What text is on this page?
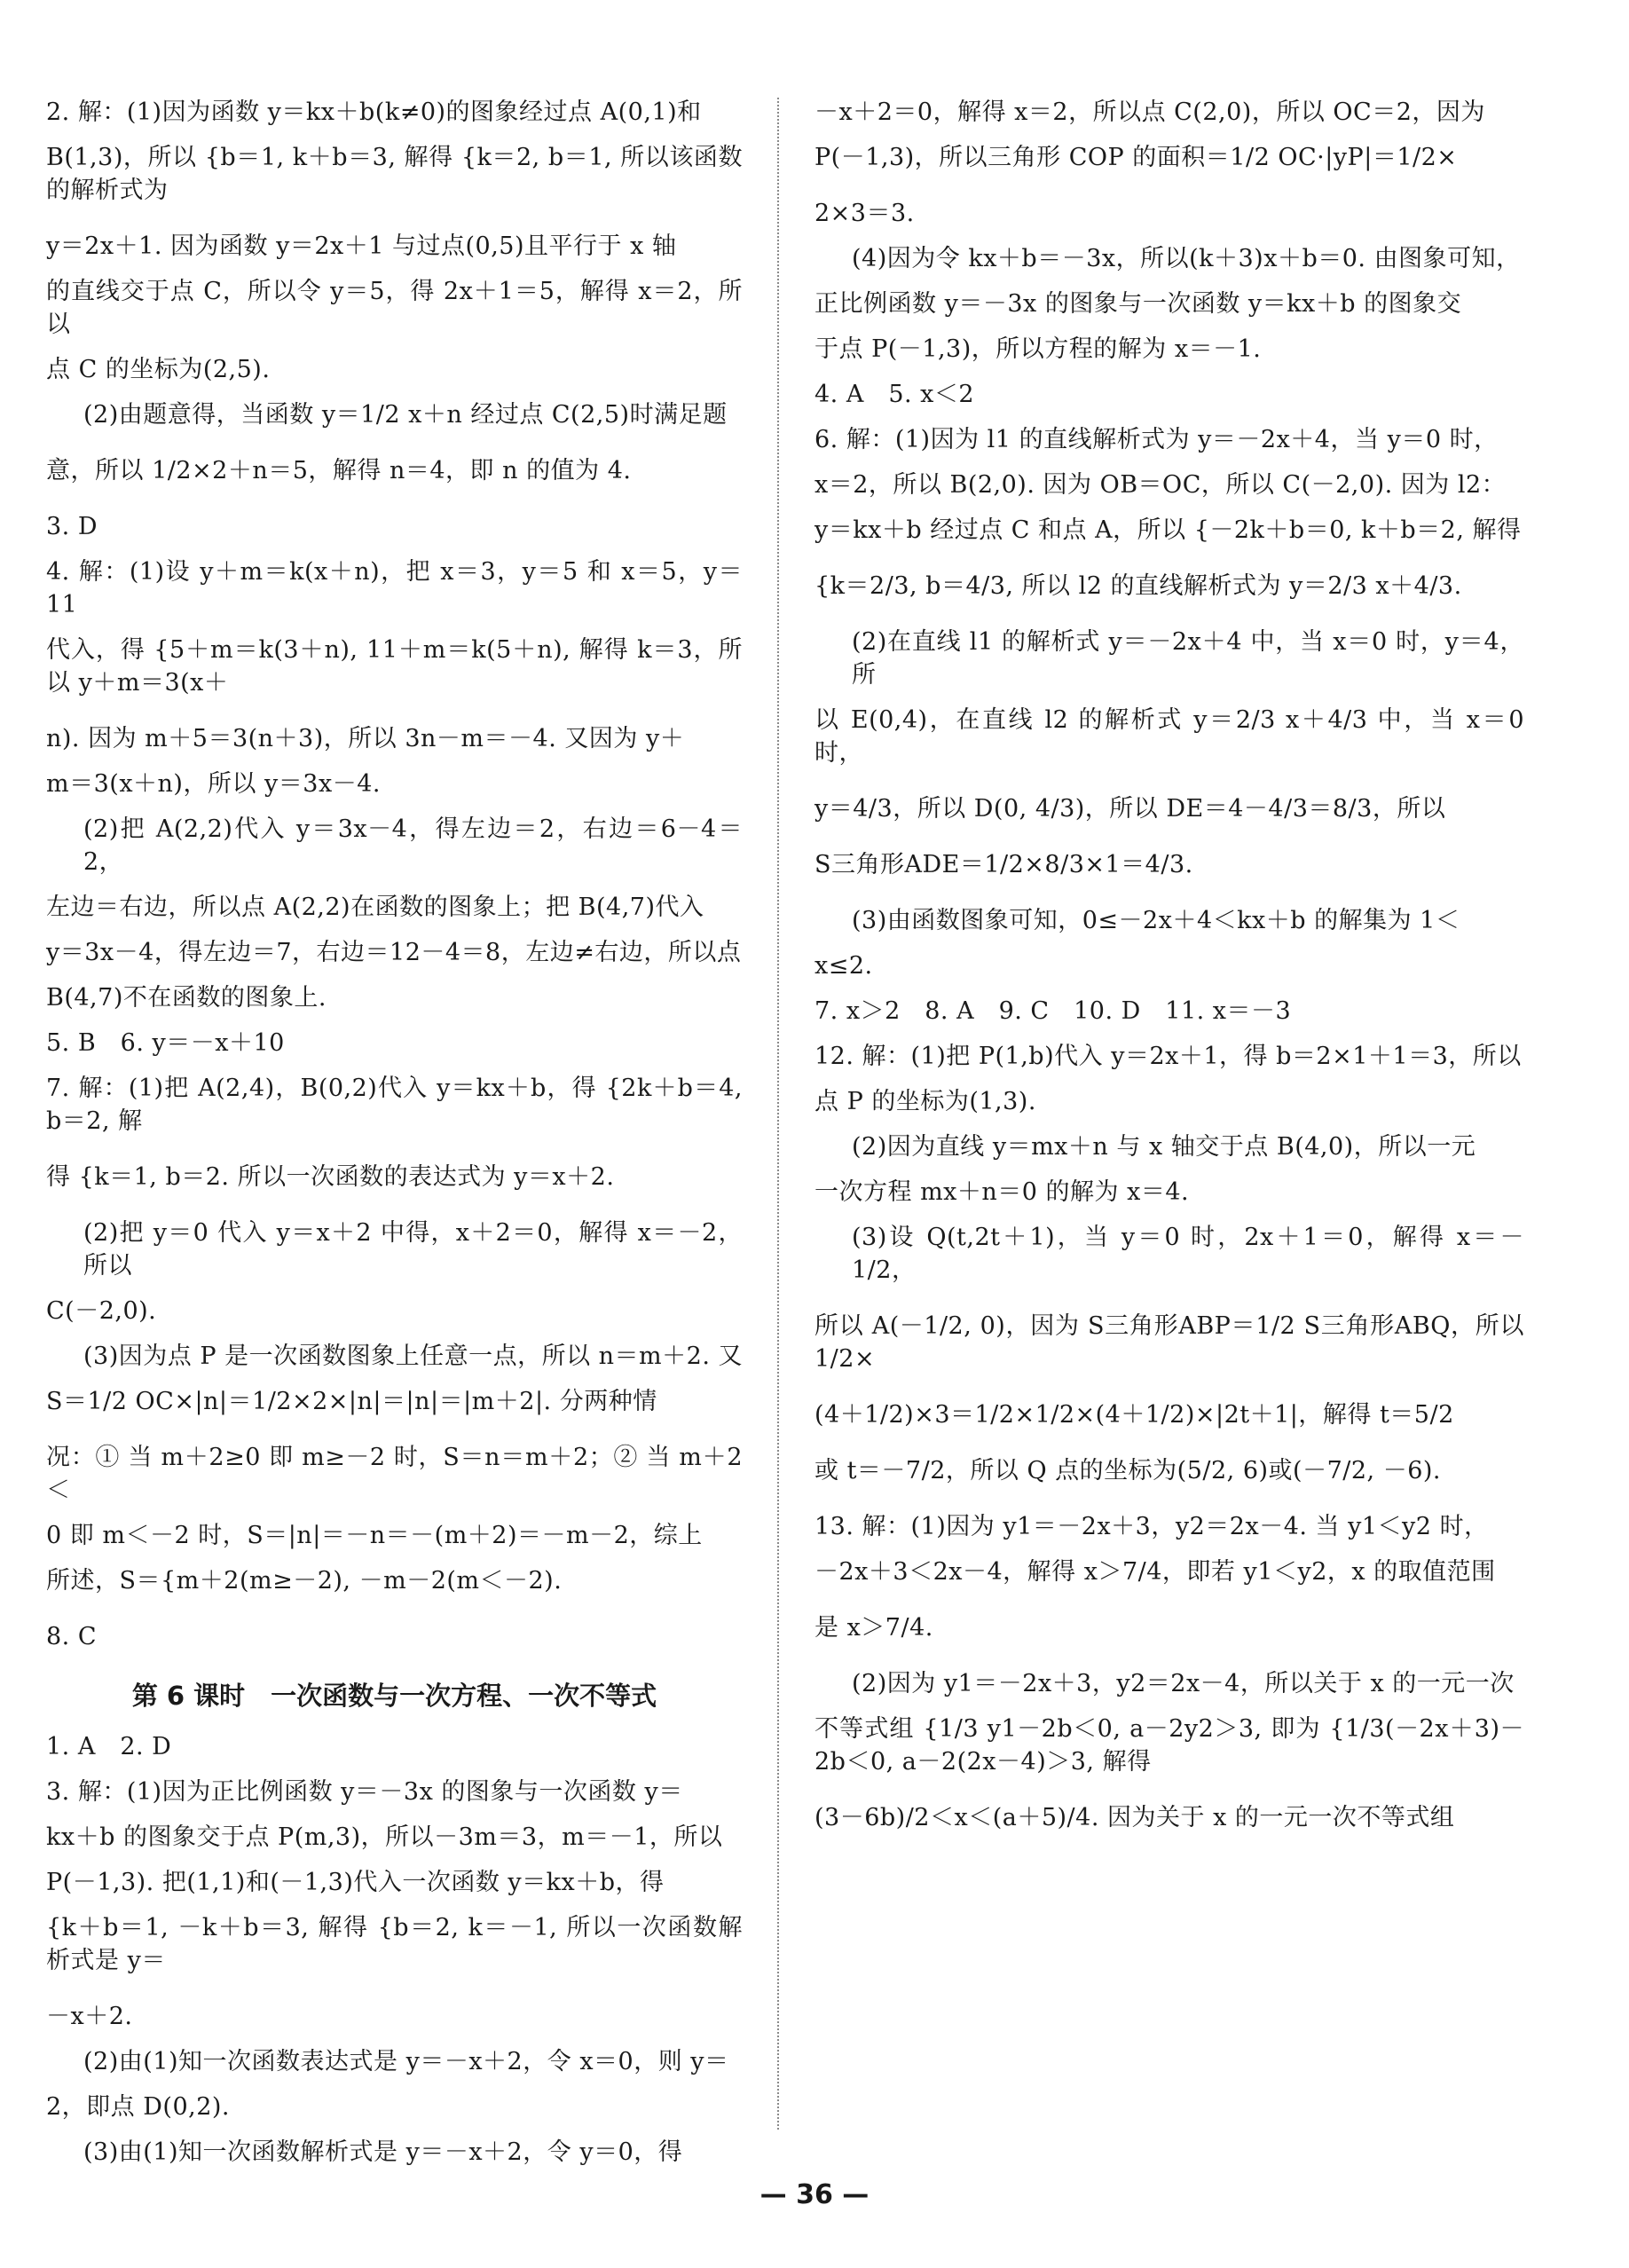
2. 解：(1)因为函数 y＝kx＋b(k≠0)的图象经过点 A(0,1)和

B(1,3)，所以 {b＝1, k＋b＝3, 解得 {k＝2, b＝1, 所以该函数的解析式为

y＝2x＋1. 因为函数 y＝2x＋1 与过点(0,5)且平行于 x 轴

的直线交于点 C，所以令 y＝5，得 2x＋1＝5，解得 x＝2，所以

点 C 的坐标为(2,5).

(2)由题意得，当函数 y＝1/2 x＋n 经过点 C(2,5)时满足题

意，所以 1/2×2＋n＝5，解得 n＝4，即 n 的值为 4.

3. D

4. 解：(1)设 y＋m＝k(x＋n)，把 x＝3，y＝5 和 x＝5，y＝11

代入，得 {5＋m＝k(3＋n), 11＋m＝k(5＋n), 解得 k＝3，所以 y＋m＝3(x＋

n). 因为 m＋5＝3(n＋3)，所以 3n－m＝－4. 又因为 y＋

m＝3(x＋n)，所以 y＝3x－4.

(2)把 A(2,2)代入 y＝3x－4，得左边＝2，右边＝6－4＝2，

左边＝右边，所以点 A(2,2)在函数的图象上；把 B(4,7)代入

y＝3x－4，得左边＝7，右边＝12－4＝8，左边≠右边，所以点

B(4,7)不在函数的图象上.

5. B　6. y＝－x＋10

7. 解：(1)把 A(2,4)，B(0,2)代入 y＝kx＋b，得 {2k＋b＝4, b＝2, 解

得 {k＝1, b＝2. 所以一次函数的表达式为 y＝x＋2.

(2)把 y＝0 代入 y＝x＋2 中得，x＋2＝0，解得 x＝－2，所以

C(－2,0).

(3)因为点 P 是一次函数图象上任意一点，所以 n＝m＋2. 又

S＝1/2 OC×|n|＝1/2×2×|n|＝|n|＝|m＋2|. 分两种情

况：① 当 m＋2≥0 即 m≥－2 时，S＝n＝m＋2；② 当 m＋2＜

0 即 m＜－2 时，S＝|n|＝－n＝－(m＋2)＝－m－2，综上

所述，S＝{m＋2(m≥－2), －m－2(m＜－2).

8. C

第 6 课时　一次函数与一次方程、一次不等式

1. A　2. D

3. 解：(1)因为正比例函数 y＝－3x 的图象与一次函数 y＝

kx＋b 的图象交于点 P(m,3)，所以－3m＝3，m＝－1，所以

P(－1,3). 把(1,1)和(－1,3)代入一次函数 y＝kx＋b，得

{k＋b＝1, －k＋b＝3, 解得 {b＝2, k＝－1, 所以一次函数解析式是 y＝

－x＋2.

(2)由(1)知一次函数表达式是 y＝－x＋2，令 x＝0，则 y＝

2，即点 D(0,2).

(3)由(1)知一次函数解析式是 y＝－x＋2，令 y＝0，得

－x＋2＝0，解得 x＝2，所以点 C(2,0)，所以 OC＝2，因为

P(－1,3)，所以三角形 COP 的面积＝1/2 OC·|yP|＝1/2×

2×3＝3.

(4)因为令 kx＋b＝－3x，所以(k＋3)x＋b＝0. 由图象可知，

正比例函数 y＝－3x 的图象与一次函数 y＝kx＋b 的图象交

于点 P(－1,3)，所以方程的解为 x＝－1.

4. A　5. x＜2

6. 解：(1)因为 l1 的直线解析式为 y＝－2x＋4，当 y＝0 时，

x＝2，所以 B(2,0). 因为 OB＝OC，所以 C(－2,0). 因为 l2：

y＝kx＋b 经过点 C 和点 A，所以 {－2k＋b＝0, k＋b＝2, 解得

{k＝2/3, b＝4/3, 所以 l2 的直线解析式为 y＝2/3 x＋4/3.

(2)在直线 l1 的解析式 y＝－2x＋4 中，当 x＝0 时，y＝4，所

以 E(0,4)，在直线 l2 的解析式 y＝2/3 x＋4/3 中，当 x＝0 时，

y＝4/3，所以 D(0, 4/3)，所以 DE＝4－4/3＝8/3，所以

S三角形ADE＝1/2×8/3×1＝4/3.

(3)由函数图象可知，0≤－2x＋4＜kx＋b 的解集为 1＜

x≤2.

7. x＞2　8. A　9. C　10. D　11. x＝－3

12. 解：(1)把 P(1,b)代入 y＝2x＋1，得 b＝2×1＋1＝3，所以

点 P 的坐标为(1,3).

(2)因为直线 y＝mx＋n 与 x 轴交于点 B(4,0)，所以一元

一次方程 mx＋n＝0 的解为 x＝4.

(3)设 Q(t,2t＋1)，当 y＝0 时，2x＋1＝0，解得 x＝－1/2，

所以 A(－1/2, 0)，因为 S三角形ABP＝1/2 S三角形ABQ，所以 1/2×

(4＋1/2)×3＝1/2×1/2×(4＋1/2)×|2t＋1|，解得 t＝5/2

或 t＝－7/2，所以 Q 点的坐标为(5/2, 6)或(－7/2, －6).

13. 解：(1)因为 y1＝－2x＋3，y2＝2x－4. 当 y1＜y2 时，

－2x＋3＜2x－4，解得 x＞7/4，即若 y1＜y2，x 的取值范围

是 x＞7/4.

(2)因为 y1＝－2x＋3，y2＝2x－4，所以关于 x 的一元一次

不等式组 {1/3 y1－2b＜0, a－2y2＞3, 即为 {1/3(－2x＋3)－2b＜0, a－2(2x－4)＞3, 解得

(3－6b)/2＜x＜(a＋5)/4. 因为关于 x 的一元一次不等式组

— 36 —
